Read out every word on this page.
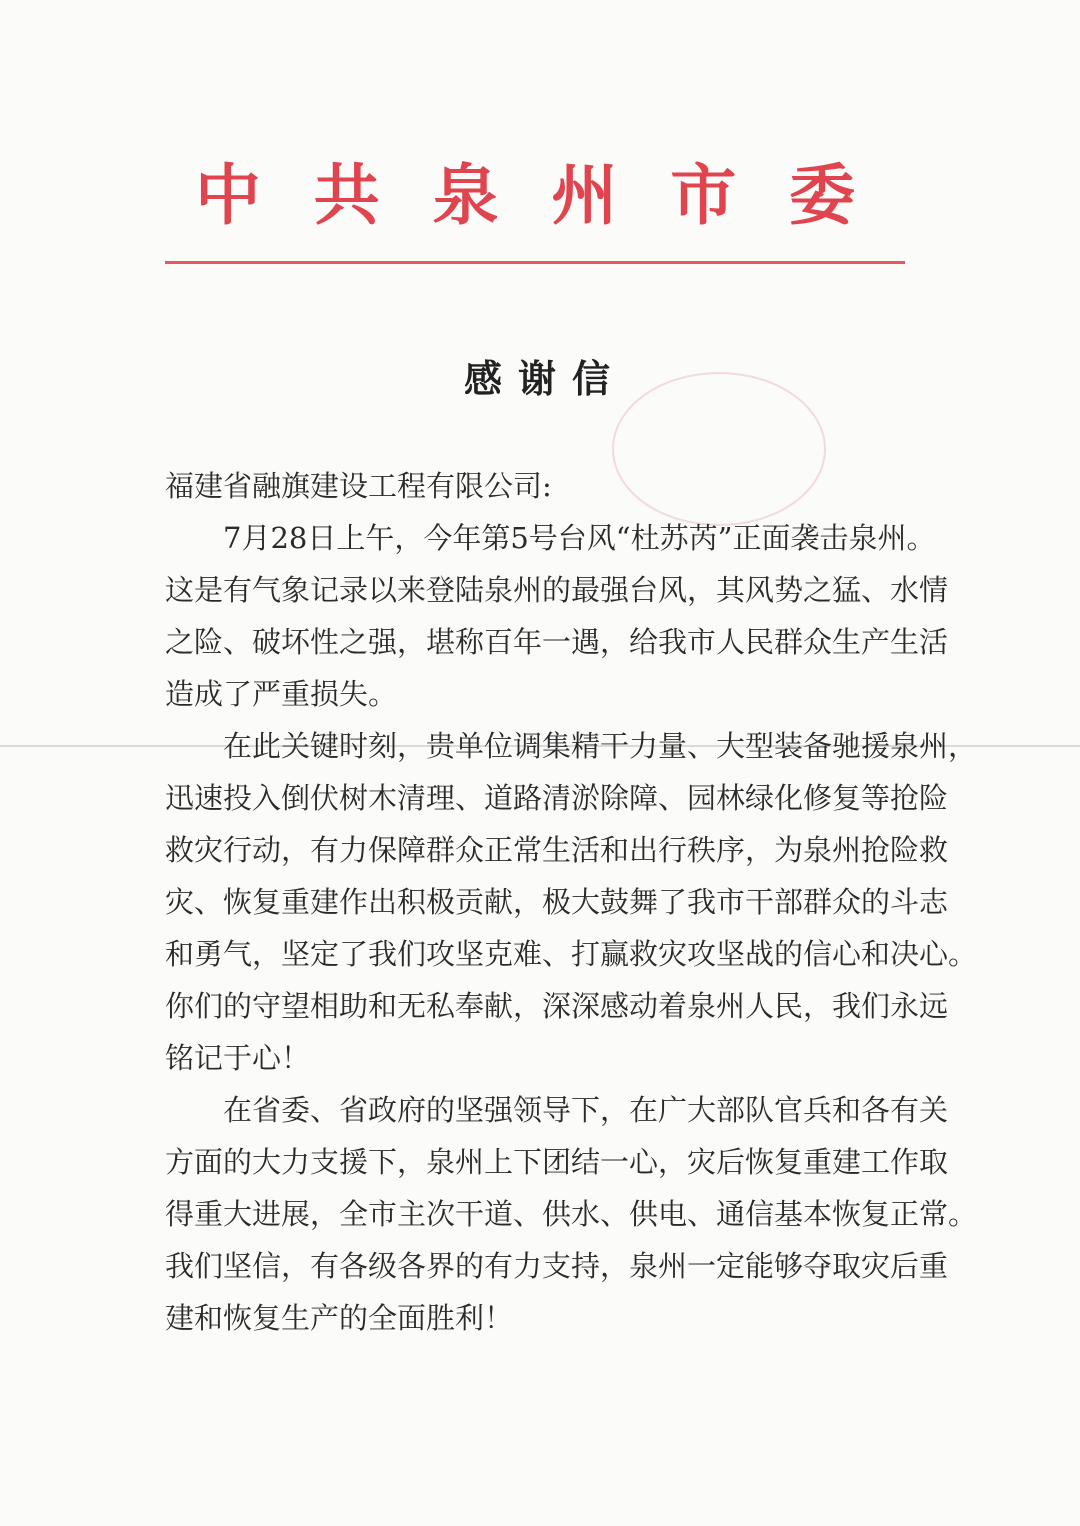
中 共 泉 州 市 委
感谢信
福建省融旗建设工程有限公司:
7月28日上午，今年第5号台风“杜苏芮”正面袭击泉州。
这是有气象记录以来登陆泉州的最强台风，其风势之猛、水情
之险、破坏性之强，堪称百年一遇，给我市人民群众生产生活
造成了严重损失。
在此关键时刻，贵单位调集精干力量、大型装备驰援泉州，
迅速投入倒伏树木清理、道路清淤除障、园林绿化修复等抢险
救灾行动，有力保障群众正常生活和出行秩序，为泉州抢险救
灾、恢复重建作出积极贡献，极大鼓舞了我市干部群众的斗志
和勇气，坚定了我们攻坚克难、打赢救灾攻坚战的信心和决心。
你们的守望相助和无私奉献，深深感动着泉州人民，我们永远
铭记于心！
在省委、省政府的坚强领导下，在广大部队官兵和各有关
方面的大力支援下，泉州上下团结一心，灾后恢复重建工作取
得重大进展，全市主次干道、供水、供电、通信基本恢复正常。
我们坚信，有各级各界的有力支持，泉州一定能够夺取灾后重
建和恢复生产的全面胜利！
